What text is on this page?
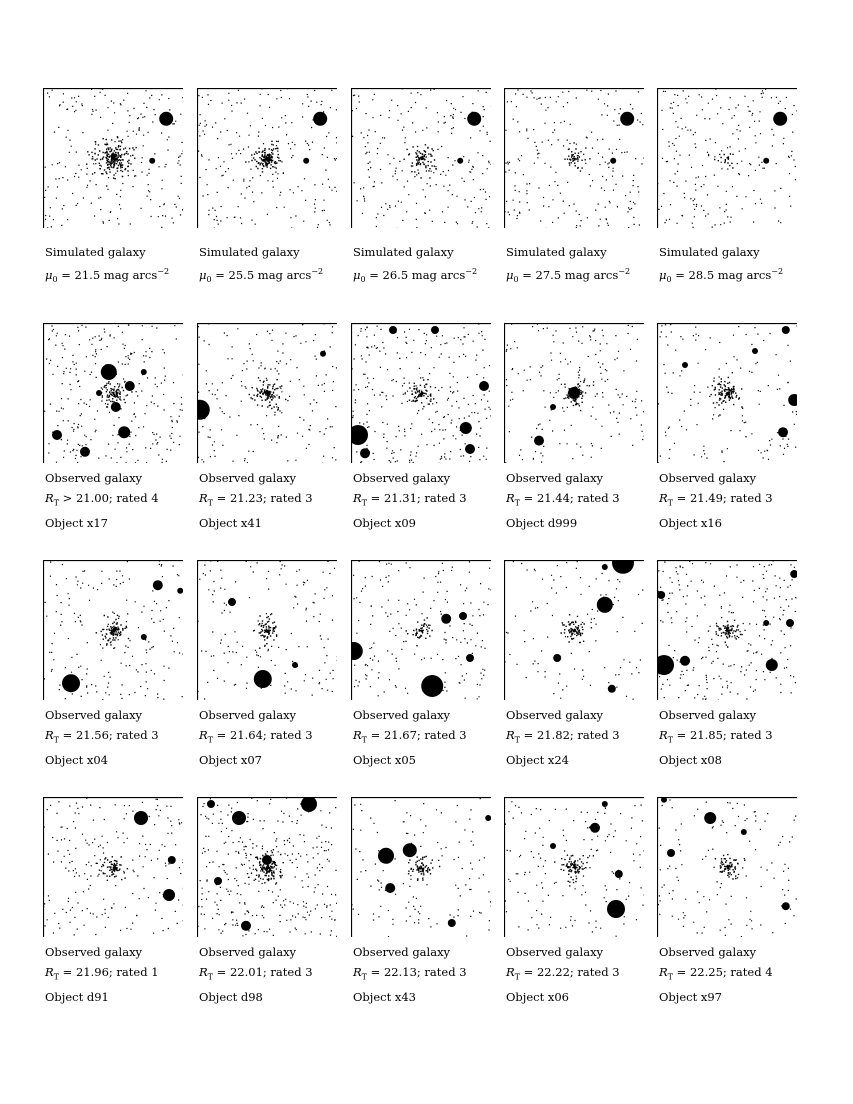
Simulated galaxy
$\mu_0 = 21.5$ mag arcs$^{-2}$
Simulated galaxy
$\mu_0 = 25.5$ mag arcs$^{-2}$
Simulated galaxy
$\mu_0 = 26.5$ mag arcs$^{-2}$
Simulated galaxy
$\mu_0 = 27.5$ mag arcs$^{-2}$
Simulated galaxy
$\mu_0 = 28.5$ mag arcs$^{-2}$
Observed galaxy
$R_T > 21.00$; rated 4
Object x17
Observed galaxy
$R_T = 21.23$; rated 3
Object x41
Observed galaxy
$R_T = 21.31$; rated 3
Object x09
Observed galaxy
$R_T = 21.44$; rated 3
Object d999
Observed galaxy
$R_T = 21.49$; rated 3
Object x16
Observed galaxy
$R_T = 21.56$; rated 3
Object x04
Observed galaxy
$R_T = 21.64$; rated 3
Object x07
Observed galaxy
$R_T = 21.67$; rated 3
Object x05
Observed galaxy
$R_T = 21.82$; rated 3
Object x24
Observed galaxy
$R_T = 21.85$; rated 3
Object x08
Observed galaxy
$R_T = 21.96$; rated 1
Object d91
Observed galaxy
$R_T = 22.01$; rated 3
Object d98
Observed galaxy
$R_T = 22.13$; rated 3
Object x43
Observed galaxy
$R_T = 22.22$; rated 3
Object x06
Observed galaxy
$R_T = 22.25$; rated 4
Object x97
